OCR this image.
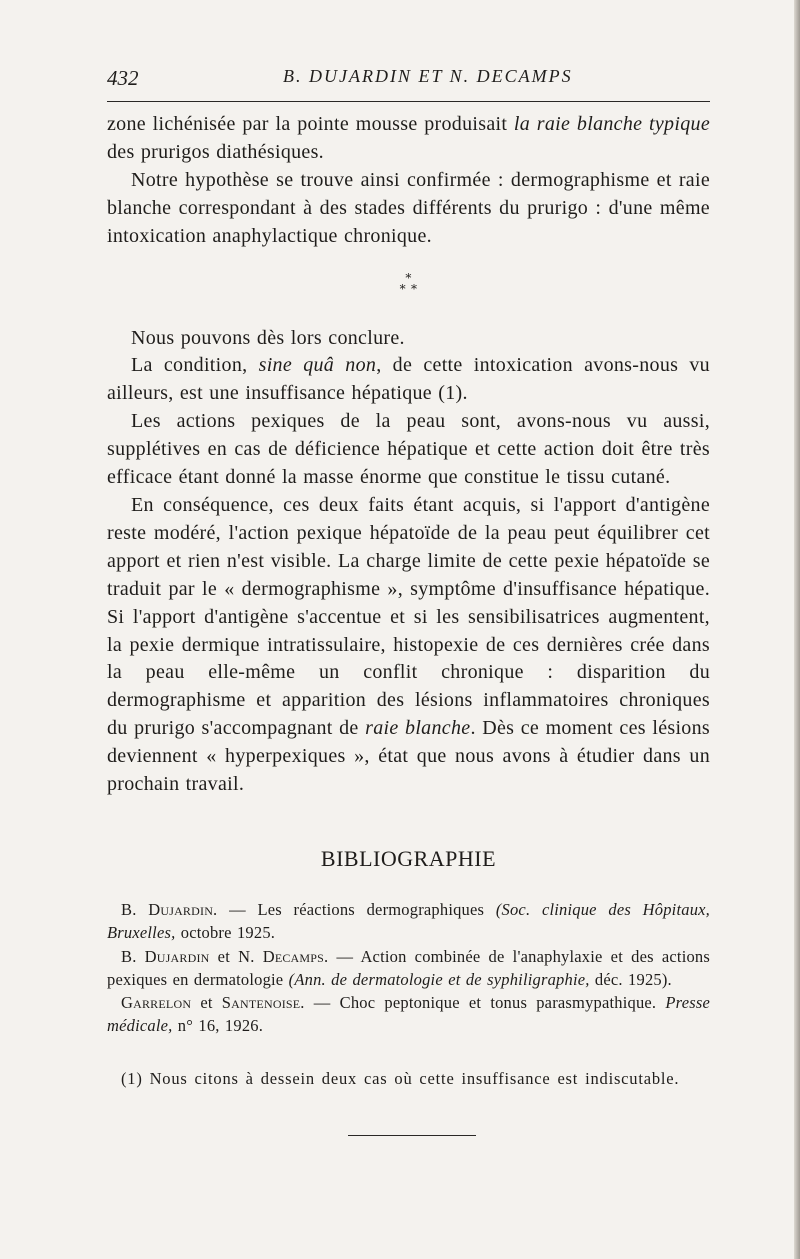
432	B. DUJARDIN ET N. DECAMPS

zone lichénisée par la pointe mousse produisait la raie blanche typique des prurigos diathésiques.

Notre hypothèse se trouve ainsi confirmée : dermographisme et raie blanche correspondant à des stades différents du prurigo : d'une même intoxication anaphylactique chronique.

*
* *

Nous pouvons dès lors conclure.

La condition, sine quâ non, de cette intoxication avons-nous vu ailleurs, est une insuffisance hépatique (1).

Les actions pexiques de la peau sont, avons-nous vu aussi, supplétives en cas de déficience hépatique et cette action doit être très efficace étant donné la masse énorme que constitue le tissu cutané.

En conséquence, ces deux faits étant acquis, si l'apport d'antigène reste modéré, l'action pexique hépatoïde de la peau peut équilibrer cet apport et rien n'est visible. La charge limite de cette pexie hépatoïde se traduit par le « dermographisme », symptôme d'insuffisance hépatique. Si l'apport d'antigène s'accentue et si les sensibilisatrices augmentent, la pexie dermique intratissulaire, histopexie de ces dernières crée dans la peau elle-même un conflit chronique : disparition du dermographisme et apparition des lésions inflammatoires chroniques du prurigo s'accompagnant de raie blanche. Dès ce moment ces lésions deviennent « hyperpexiques », état que nous avons à étudier dans un prochain travail.

BIBLIOGRAPHIE

B. Dujardin. — Les réactions dermographiques (Soc. clinique des Hôpitaux, Bruxelles, octobre 1925.

B. Dujardin et N. Decamps. — Action combinée de l'anaphylaxie et des actions pexiques en dermatologie (Ann. de dermatologie et de syphiligraphie, déc. 1925).

Garrelon et Santenoise. — Choc peptonique et tonus parasmypathique. Presse médicale, n° 16, 1926.

(1) Nous citons à dessein deux cas où cette insuffisance est indiscutable.
